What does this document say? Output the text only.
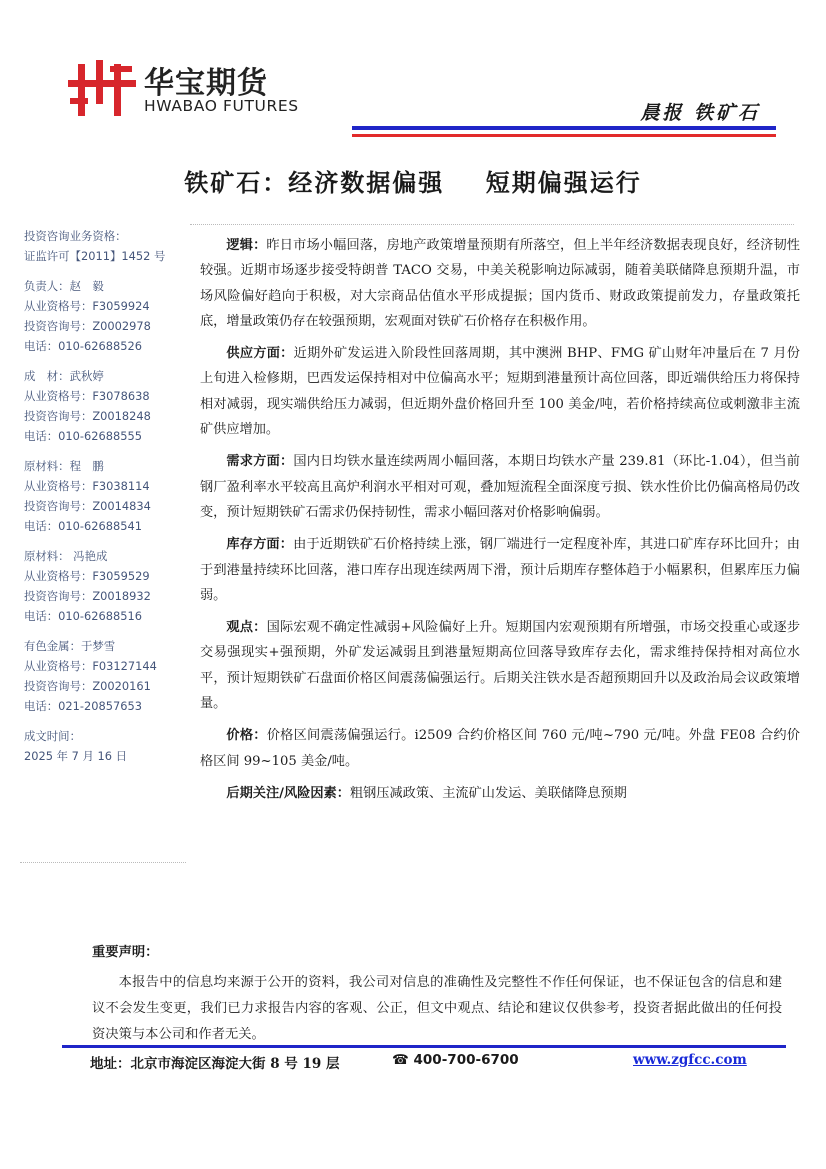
华宝期货
HWABAO FUTURES	晨报 铁矿石
铁矿石：经济数据偏强    短期偏强运行
投资咨询业务资格：
证监许可【2011】1452 号
负责人：赵　毅
从业资格号：F3059924
投资咨询号：Z0002978
电话：010-62688526
成　材：武秋婷
从业资格号：F3078638
投资咨询号：Z0018248
电话：010-62688555
原材料：程　鹏
从业资格号：F3038114
投资咨询号：Z0014834
电话：010-62688541
原材料： 冯艳成
从业资格号：F3059529
投资咨询号：Z0018932
电话：010-62688516
有色金属：于梦雪
从业资格号：F03127144
投资咨询号：Z0020161
电话：021-20857653
成文时间：
2025 年 7 月 16 日

逻辑：昨日市场小幅回落，房地产政策增量预期有所落空，但上半年经济数据表现良好，经济韧性较强。近期市场逐步接受特朗普 TACO 交易，中美关税影响边际减弱，随着美联储降息预期升温，市场风险偏好趋向于积极，对大宗商品估值水平形成提振；国内货币、财政政策提前发力，存量政策托底，增量政策仍存在较强预期，宏观面对铁矿石价格存在积极作用。

供应方面：近期外矿发运进入阶段性回落周期，其中澳洲 BHP、FMG 矿山财年冲量后在 7 月份上旬进入检修期，巴西发运保持相对中位偏高水平；短期到港量预计高位回落，即近端供给压力将保持相对减弱，现实端供给压力减弱，但近期外盘价格回升至 100 美金/吨，若价格持续高位或刺激非主流矿供应增加。

需求方面：国内日均铁水量连续两周小幅回落，本期日均铁水产量 239.81（环比-1.04），但当前钢厂盈利率水平较高且高炉利润水平相对可观，叠加短流程全面深度亏损、铁水性价比仍偏高格局仍改变，预计短期铁矿石需求仍保持韧性，需求小幅回落对价格影响偏弱。

库存方面：由于近期铁矿石价格持续上涨，钢厂端进行一定程度补库，其进口矿库存环比回升；由于到港量持续环比回落，港口库存出现连续两周下滑，预计后期库存整体趋于小幅累积，但累库压力偏弱。

观点：国际宏观不确定性减弱+风险偏好上升。短期国内宏观预期有所增强，市场交投重心或逐步交易强现实+强预期，外矿发运减弱且到港量短期高位回落导致库存去化，需求维持保持相对高位水平，预计短期铁矿石盘面价格区间震荡偏强运行。后期关注铁水是否超预期回升以及政治局会议政策增量。

价格：价格区间震荡偏强运行。i2509 合约价格区间 760 元/吨~790 元/吨。外盘 FE08 合约价格区间 99~105 美金/吨。

后期关注/风险因素：粗钢压减政策、主流矿山发运、美联储降息预期

重要声明：

本报告中的信息均来源于公开的资料，我公司对信息的准确性及完整性不作任何保证，也不保证包含的信息和建议不会发生变更，我们已力求报告内容的客观、公正，但文中观点、结论和建议仅供参考，投资者据此做出的任何投资决策与本公司和作者无关。

地址：北京市海淀区海淀大街 8 号 19 层	☎ 400-700-6700	www.zgfcc.com
